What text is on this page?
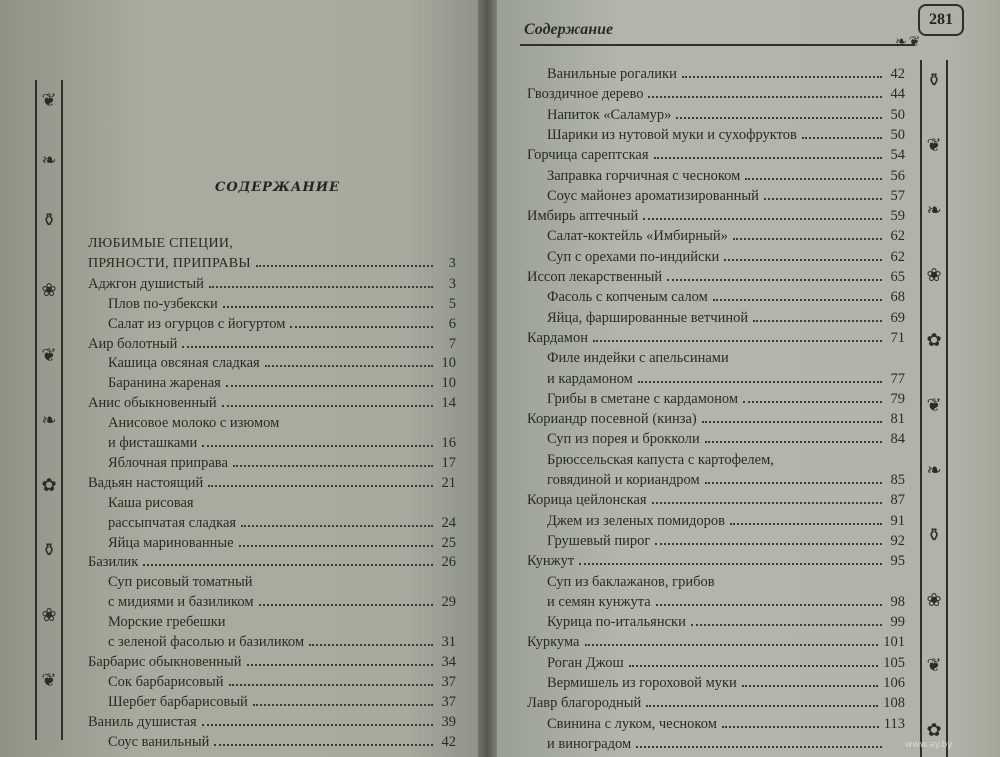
❦
❧
⚱
❀
❦
❧
✿
⚱
❀
❦
СОДЕРЖАНИЕ
ЛЮБИМЫЕ СПЕЦИИ,
ПРЯНОСТИ, ПРИПРАВЫ	3
Аджгон душистый	3
Плов по-узбекски	5
Салат из огурцов с йогуртом	6
Аир болотный	7
Кашица овсяная сладкая	10
Баранина жареная	10
Анис обыкновенный	14
Анисовое молоко с изюмом
и фисташками	16
Яблочная приправа	17
Вадьян настоящий	21
Каша рисовая
рассыпчатая сладкая	24
Яйца маринованные	25
Базилик	26
Суп рисовый томатный
с мидиями и базиликом	29
Морские гребешки
с зеленой фасолью и базиликом	31
Барбарис обыкновенный	34
Сок барбарисовый	37
Шербет барбарисовый	37
Ваниль душистая	39
Соус ванильный	42
Содержание
281
❧❦
⚱
❦
❧
❀
✿
❦
❧
⚱
❀
❦
✿
Ванильные рогалики	42
Гвоздичное дерево	44
Напиток «Саламур»	50
Шарики из нутовой муки и сухофруктов	50
Горчица сарептская	54
Заправка горчичная с чесноком	56
Соус майонез ароматизированный	57
Имбирь аптечный	59
Салат-коктейль «Имбирный»	62
Суп с орехами по-индийски	62
Иссоп лекарственный	65
Фасоль с копченым салом	68
Яйца, фаршированные ветчиной	69
Кардамон	71
Филе индейки с апельсинами
и кардамоном	77
Грибы в сметане с кардамоном	79
Кориандр посевной (кинза)	81
Суп из порея и брокколи	84
Брюссельская капуста с картофелем,
говядиной и кориандром	85
Корица цейлонская	87
Джем из зеленых помидоров	91
Грушевый пирог	92
Кунжут	95
Суп из баклажанов, грибов
и семян кунжута	98
Курица по-итальянски	99
Куркума	101
Роган Джош	105
Вермишель из гороховой муки	106
Лавр благородный	108
Свинина с луком, чесноком	113
и виноградом	www.ay.by
